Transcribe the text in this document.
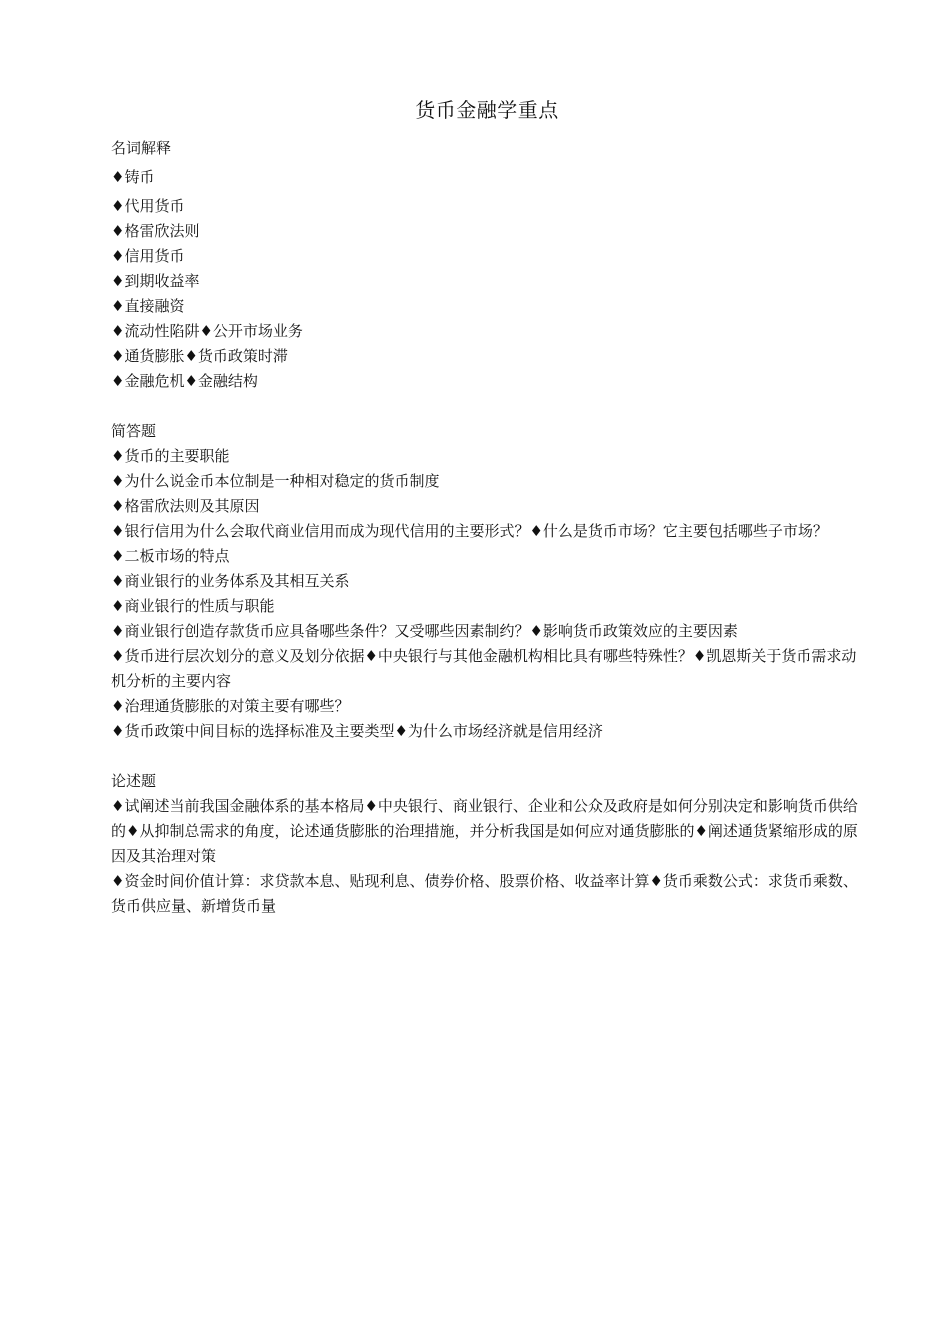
货币金融学重点

名词解释

♦铸币

♦代用货币

♦格雷欣法则

♦信用货币

♦到期收益率

♦直接融资

♦流动性陷阱♦公开市场业务

♦通货膨胀♦货币政策时滞

♦金融危机♦金融结构

简答题

♦货币的主要职能

♦为什么说金币本位制是一种相对稳定的货币制度

♦格雷欣法则及其原因

♦银行信用为什么会取代商业信用而成为现代信用的主要形式？♦什么是货币市场？它主要包括哪些子市场？

♦二板市场的特点

♦商业银行的业务体系及其相互关系

♦商业银行的性质与职能

♦商业银行创造存款货币应具备哪些条件？又受哪些因素制约？♦影响货币政策效应的主要因素

♦货币进行层次划分的意义及划分依据♦中央银行与其他金融机构相比具有哪些特殊性？♦凯恩斯关于货币需求动机分析的主要内容

♦治理通货膨胀的对策主要有哪些？

♦货币政策中间目标的选择标准及主要类型♦为什么市场经济就是信用经济

论述题

♦试阐述当前我国金融体系的基本格局♦中央银行、商业银行、企业和公众及政府是如何分别决定和影响货币供给的♦从抑制总需求的角度，论述通货膨胀的治理措施，并分析我国是如何应对通货膨胀的♦阐述通货紧缩形成的原因及其治理对策

♦资金时间价值计算：求贷款本息、贴现利息、债券价格、股票价格、收益率计算♦货币乘数公式：求货币乘数、货币供应量、新增货币量
